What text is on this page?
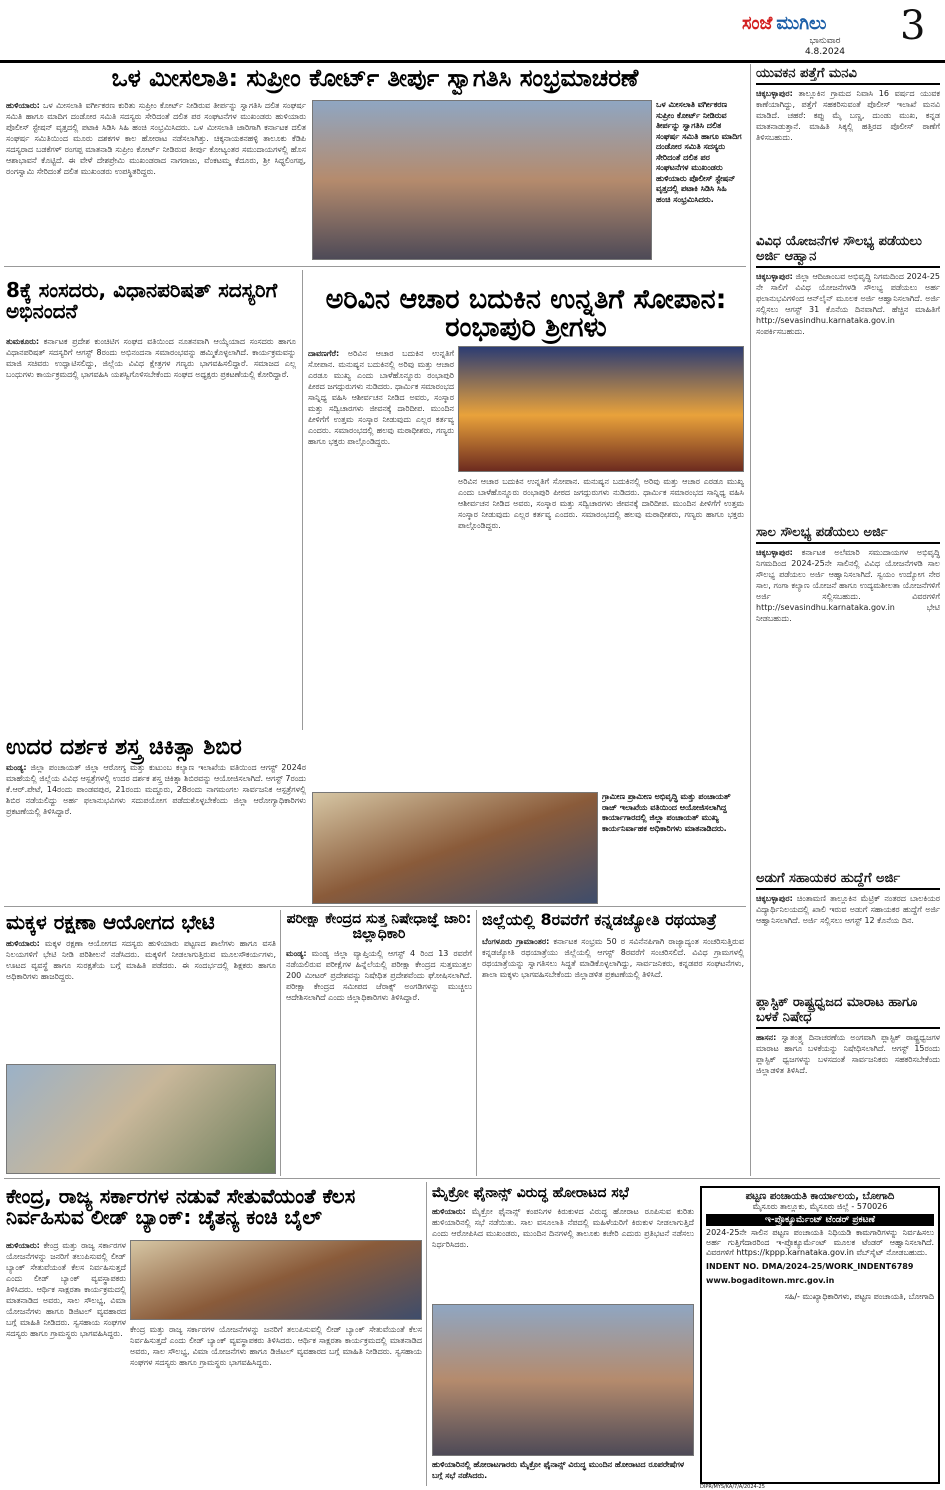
ಸಂಜೆ ಮುಗಿಲು
ಭಾನುವಾರ
4.8.2024
3
ಒಳ ಮೀಸಲಾತಿ: ಸುಪ್ರೀಂ ಕೋರ್ಟ್ ತೀರ್ಪು ಸ್ವಾಗತಿಸಿ ಸಂಭ್ರಮಾಚರಣೆ
ಹುಳಿಯಾರು: ಒಳ ಮೀಸಲಾತಿ ವರ್ಗೀಕರಣ ಕುರಿತು ಸುಪ್ರೀಂ ಕೋರ್ಟ್ ನೀಡಿರುವ ತೀರ್ಪನ್ನು ಸ್ವಾಗತಿಸಿ ದಲಿತ ಸಂಘರ್ಷ ಸಮಿತಿ ಹಾಗೂ ಮಾದಿಗ ದಂಡೋರ ಸಮಿತಿ ಸದಸ್ಯರು ಸೇರಿದಂತೆ ದಲಿತ ಪರ ಸಂಘಟನೆಗಳ ಮುಖಂಡರು ಹುಳಿಯಾರು ಪೊಲೀಸ್ ಸ್ಟೇಷನ್ ವೃತ್ತದಲ್ಲಿ ಪಟಾಕಿ ಸಿಡಿಸಿ ಸಿಹಿ ಹಂಚಿ ಸಂಭ್ರಮಿಸಿದರು. ಒಳ ಮೀಸಲಾತಿ ಜಾರಿಗಾಗಿ ಕರ್ನಾಟಕ ದಲಿತ ಸಂಘರ್ಷ ಸಮಿತಿಯಿಂದ ಮೂರು ದಶಕಗಳ ಕಾಲ ಹೋರಾಟ ನಡೆಸಲಾಗಿತ್ತು. ಚಿಕ್ಕನಾಯಕನಹಳ್ಳಿ ತಾಲೂಕು ಕೆಡಿಪಿ ಸದಸ್ಯರಾದ ಬಡಕೆಗಳ್ ರಂಗಪ್ಪ ಮಾತನಾಡಿ ಸುಪ್ರೀಂ ಕೋರ್ಟ್ ನೀಡಿರುವ ತೀರ್ಪು ಕೋಟ್ಯಂತರ ಸಮುದಾಯಗಳಲ್ಲಿ ಹೊಸ ಆಶಾಭಾವನೆ ಕೊಟ್ಟಿದೆ. ಈ ವೇಳೆ ದೇಶಪ್ರೇಮಿ ಮುಖಂಡರಾದ ನಾಗರಾಜು, ವೆಂಕಟಮ್ಮ ಕೆದೂರು, ಶ್ರೀ ಸಿಧ್ಧಲಿಂಗಪ್ಪ, ರಂಗಸ್ವಾಮಿ ಸೇರಿದಂತೆ ದಲಿತ ಮುಖಂಡರು ಉಪಸ್ಥಿತರಿದ್ದರು.
ಒಳ ಮೀಸಲಾತಿ ವರ್ಗೀಕರಣ ಸುಪ್ರೀಂ ಕೋರ್ಟ್ ನೀಡಿರುವ ತೀರ್ಪನ್ನು ಸ್ವಾಗತಿಸಿ ದಲಿತ ಸಂಘರ್ಷ ಸಮಿತಿ ಹಾಗೂ ಮಾದಿಗ ದಂಡೋರ ಸಮಿತಿ ಸದಸ್ಯರು ಸೇರಿದಂತೆ ದಲಿತ ಪರ ಸಂಘಟನೆಗಳ ಮುಖಂಡರು ಹುಳಿಯಾರು ಪೊಲೀಸ್ ಸ್ಟೇಷನ್ ವೃತ್ತದಲ್ಲಿ ಪಟಾಕಿ ಸಿಡಿಸಿ ಸಿಹಿ ಹಂಚಿ ಸಂಭ್ರಮಿಸಿದರು.
8ಕ್ಕೆ ಸಂಸದರು, ವಿಧಾನಪರಿಷತ್ ಸದಸ್ಯರಿಗೆ ಅಭಿನಂದನೆ
ತುಮಕೂರು: ಕರ್ನಾಟಕ ಪ್ರದೇಶ ಕುಂಚಿಟಿಗ ಸಂಘದ ವತಿಯಿಂದ ನೂತನವಾಗಿ ಆಯ್ಕೆಯಾದ ಸಂಸದರು ಹಾಗೂ ವಿಧಾನಪರಿಷತ್ ಸದಸ್ಯರಿಗೆ ಆಗಸ್ಟ್ 8ರಂದು ಅಭಿನಂದನಾ ಸಮಾರಂಭವನ್ನು ಹಮ್ಮಿಕೊಳ್ಳಲಾಗಿದೆ. ಕಾರ್ಯಕ್ರಮವನ್ನು ಮಾಜಿ ಸಚಿವರು ಉದ್ಘಾಟಿಸಲಿದ್ದು, ಜಿಲ್ಲೆಯ ವಿವಿಧ ಕ್ಷೇತ್ರಗಳ ಗಣ್ಯರು ಭಾಗವಹಿಸಲಿದ್ದಾರೆ. ಸಮಾಜದ ಎಲ್ಲ ಬಂಧುಗಳು ಕಾರ್ಯಕ್ರಮದಲ್ಲಿ ಭಾಗವಹಿಸಿ ಯಶಸ್ವಿಗೊಳಿಸಬೇಕೆಂದು ಸಂಘದ ಅಧ್ಯಕ್ಷರು ಪ್ರಕಟಣೆಯಲ್ಲಿ ಕೋರಿದ್ದಾರೆ.
ಅರಿವಿನ ಆಚಾರ ಬದುಕಿನ ಉನ್ನತಿಗೆ ಸೋಪಾನ: ರಂಭಾಪುರಿ ಶ್ರೀಗಳು
ದಾವಣಗೆರೆ: ಅರಿವಿನ ಆಚಾರ ಬದುಕಿನ ಉನ್ನತಿಗೆ ಸೋಪಾನ. ಮನುಷ್ಯನ ಬದುಕಿನಲ್ಲಿ ಅರಿವು ಮತ್ತು ಆಚಾರ ಎರಡೂ ಮುಖ್ಯ ಎಂದು ಬಾಳೆಹೊನ್ನೂರು ರಂಭಾಪುರಿ ಪೀಠದ ಜಗದ್ಗುರುಗಳು ನುಡಿದರು. ಧಾರ್ಮಿಕ ಸಮಾರಂಭದ ಸಾನ್ನಿಧ್ಯ ವಹಿಸಿ ಆಶೀರ್ವಚನ ನೀಡಿದ ಅವರು, ಸಂಸ್ಕಾರ ಮತ್ತು ಸದ್ವಿಚಾರಗಳು ಜೀವನಕ್ಕೆ ದಾರಿದೀಪ. ಮುಂದಿನ ಪೀಳಿಗೆಗೆ ಉತ್ತಮ ಸಂಸ್ಕಾರ ನೀಡುವುದು ಎಲ್ಲರ ಕರ್ತವ್ಯ ಎಂದರು. ಸಮಾರಂಭದಲ್ಲಿ ಹಲವು ಮಠಾಧೀಶರು, ಗಣ್ಯರು ಹಾಗೂ ಭಕ್ತರು ಪಾಲ್ಗೊಂಡಿದ್ದರು.
ಅರಿವಿನ ಆಚಾರ ಬದುಕಿನ ಉನ್ನತಿಗೆ ಸೋಪಾನ. ಮನುಷ್ಯನ ಬದುಕಿನಲ್ಲಿ ಅರಿವು ಮತ್ತು ಆಚಾರ ಎರಡೂ ಮುಖ್ಯ ಎಂದು ಬಾಳೆಹೊನ್ನೂರು ರಂಭಾಪುರಿ ಪೀಠದ ಜಗದ್ಗುರುಗಳು ನುಡಿದರು. ಧಾರ್ಮಿಕ ಸಮಾರಂಭದ ಸಾನ್ನಿಧ್ಯ ವಹಿಸಿ ಆಶೀರ್ವಚನ ನೀಡಿದ ಅವರು, ಸಂಸ್ಕಾರ ಮತ್ತು ಸದ್ವಿಚಾರಗಳು ಜೀವನಕ್ಕೆ ದಾರಿದೀಪ. ಮುಂದಿನ ಪೀಳಿಗೆಗೆ ಉತ್ತಮ ಸಂಸ್ಕಾರ ನೀಡುವುದು ಎಲ್ಲರ ಕರ್ತವ್ಯ ಎಂದರು. ಸಮಾರಂಭದಲ್ಲಿ ಹಲವು ಮಠಾಧೀಶರು, ಗಣ್ಯರು ಹಾಗೂ ಭಕ್ತರು ಪಾಲ್ಗೊಂಡಿದ್ದರು.
ಉದರ ದರ್ಶಕ ಶಸ್ತ್ರ ಚಿಕಿತ್ಸಾ ಶಿಬಿರ
ಮಂಡ್ಯ: ಜಿಲ್ಲಾ ಪಂಚಾಯತ್ ಜಿಲ್ಲಾ ಆರೋಗ್ಯ ಮತ್ತು ಕುಟುಂಬ ಕಲ್ಯಾಣ ಇಲಾಖೆಯ ವತಿಯಿಂದ ಆಗಸ್ಟ್ 2024ರ ಮಾಹೆಯಲ್ಲಿ ಜಿಲ್ಲೆಯ ವಿವಿಧ ಆಸ್ಪತ್ರೆಗಳಲ್ಲಿ ಉದರ ದರ್ಶಕ ಶಸ್ತ್ರ ಚಿಕಿತ್ಸಾ ಶಿಬಿರವನ್ನು ಆಯೋಜಿಸಲಾಗಿದೆ. ಆಗಸ್ಟ್ 7ರಂದು ಕೆ.ಆರ್.ಪೇಟೆ, 14ರಂದು ಪಾಂಡವಪುರ, 21ರಂದು ಮದ್ದೂರು, 28ರಂದು ನಾಗಮಂಗಲ ಸಾರ್ವಜನಿಕ ಆಸ್ಪತ್ರೆಗಳಲ್ಲಿ ಶಿಬಿರ ನಡೆಯಲಿದ್ದು ಅರ್ಹ ಫಲಾನುಭವಿಗಳು ಸದುಪಯೋಗ ಪಡೆದುಕೊಳ್ಳಬೇಕೆಂದು ಜಿಲ್ಲಾ ಆರೋಗ್ಯಾಧಿಕಾರಿಗಳು ಪ್ರಕಟಣೆಯಲ್ಲಿ ತಿಳಿಸಿದ್ದಾರೆ.
ಗ್ರಾಮೀಣ ಪ್ರಾಮೀಣ ಅಭಿವೃದ್ಧಿ ಮತ್ತು ಪಂಚಾಯತ್ ರಾಜ್ ಇಲಾಖೆಯ ವತಿಯಿಂದ ಆಯೋಜಿಸಲಾಗಿದ್ದ ಕಾರ್ಯಾಗಾರದಲ್ಲಿ ಜಿಲ್ಲಾ ಪಂಚಾಯತ್ ಮುಖ್ಯ ಕಾರ್ಯನಿರ್ವಾಹಕ ಅಧಿಕಾರಿಗಳು ಮಾತನಾಡಿದರು.
ಮಕ್ಕಳ ರಕ್ಷಣಾ ಆಯೋಗದ ಭೇಟಿ
ಹುಳಿಯಾರು: ಮಕ್ಕಳ ರಕ್ಷಣಾ ಆಯೋಗದ ಸದಸ್ಯರು ಹುಳಿಯಾರು ಪಟ್ಟಣದ ಶಾಲೆಗಳು ಹಾಗೂ ವಸತಿ ನಿಲಯಗಳಿಗೆ ಭೇಟಿ ನೀಡಿ ಪರಿಶೀಲನೆ ನಡೆಸಿದರು. ಮಕ್ಕಳಿಗೆ ನೀಡಲಾಗುತ್ತಿರುವ ಮೂಲಸೌಕರ್ಯಗಳು, ಊಟದ ವ್ಯವಸ್ಥೆ ಹಾಗೂ ಸುರಕ್ಷತೆಯ ಬಗ್ಗೆ ಮಾಹಿತಿ ಪಡೆದರು. ಈ ಸಂದರ್ಭದಲ್ಲಿ ಶಿಕ್ಷಕರು ಹಾಗೂ ಅಧಿಕಾರಿಗಳು ಹಾಜರಿದ್ದರು.
ಪರೀಕ್ಷಾ ಕೇಂದ್ರದ ಸುತ್ತ ನಿಷೇಧಾಜ್ಞೆ ಜಾರಿ: ಜಿಲ್ಲಾಧಿಕಾರಿ
ಮಂಡ್ಯ: ಮಂಡ್ಯ ಜಿಲ್ಲಾ ವ್ಯಾಪ್ತಿಯಲ್ಲಿ ಆಗಸ್ಟ್ 4 ರಿಂದ 13 ರವರೆಗೆ ನಡೆಯಲಿರುವ ಪರೀಕ್ಷೆಗಳ ಹಿನ್ನೆಲೆಯಲ್ಲಿ ಪರೀಕ್ಷಾ ಕೇಂದ್ರದ ಸುತ್ತಮುತ್ತಲ 200 ಮೀಟರ್ ಪ್ರದೇಶವನ್ನು ನಿಷೇಧಿತ ಪ್ರದೇಶವೆಂದು ಘೋಷಿಸಲಾಗಿದೆ. ಪರೀಕ್ಷಾ ಕೇಂದ್ರದ ಸಮೀಪದ ಜೆರಾಕ್ಸ್ ಅಂಗಡಿಗಳನ್ನು ಮುಚ್ಚಲು ಆದೇಶಿಸಲಾಗಿದೆ ಎಂದು ಜಿಲ್ಲಾಧಿಕಾರಿಗಳು ತಿಳಿಸಿದ್ದಾರೆ.
ಜಿಲ್ಲೆಯಲ್ಲಿ 8ರವರೆಗೆ ಕನ್ನಡಜ್ಯೋತಿ ರಥಯಾತ್ರೆ
ಬೆಂಗಳೂರು ಗ್ರಾಮಾಂತರ: ಕರ್ನಾಟಕ ಸಂಭ್ರಮ 50 ರ ಸವಿನೆನಪಿಗಾಗಿ ರಾಜ್ಯಾದ್ಯಂತ ಸಂಚರಿಸುತ್ತಿರುವ ಕನ್ನಡಜ್ಯೋತಿ ರಥಯಾತ್ರೆಯು ಜಿಲ್ಲೆಯಲ್ಲಿ ಆಗಸ್ಟ್ 8ರವರೆಗೆ ಸಂಚರಿಸಲಿದೆ. ವಿವಿಧ ಗ್ರಾಮಗಳಲ್ಲಿ ರಥಯಾತ್ರೆಯನ್ನು ಸ್ವಾಗತಿಸಲು ಸಿದ್ಧತೆ ಮಾಡಿಕೊಳ್ಳಲಾಗಿದ್ದು, ಸಾರ್ವಜನಿಕರು, ಕನ್ನಡಪರ ಸಂಘಟನೆಗಳು, ಶಾಲಾ ಮಕ್ಕಳು ಭಾಗವಹಿಸಬೇಕೆಂದು ಜಿಲ್ಲಾಡಳಿತ ಪ್ರಕಟಣೆಯಲ್ಲಿ ತಿಳಿಸಿದೆ.
ಕೇಂದ್ರ, ರಾಜ್ಯ ಸರ್ಕಾರಗಳ ನಡುವೆ ಸೇತುವೆಯಂತೆ ಕೆಲಸ ನಿರ್ವಹಿಸುವ ಲೀಡ್ ಬ್ಯಾಂಕ್: ಚೈತನ್ಯ ಕಂಚಿ ಬೈಲ್
ಹುಳಿಯಾರು: ಕೇಂದ್ರ ಮತ್ತು ರಾಜ್ಯ ಸರ್ಕಾರಗಳ ಯೋಜನೆಗಳನ್ನು ಜನರಿಗೆ ತಲುಪಿಸುವಲ್ಲಿ ಲೀಡ್ ಬ್ಯಾಂಕ್ ಸೇತುವೆಯಂತೆ ಕೆಲಸ ನಿರ್ವಹಿಸುತ್ತದೆ ಎಂದು ಲೀಡ್ ಬ್ಯಾಂಕ್ ವ್ಯವಸ್ಥಾಪಕರು ತಿಳಿಸಿದರು. ಆರ್ಥಿಕ ಸಾಕ್ಷರತಾ ಕಾರ್ಯಕ್ರಮದಲ್ಲಿ ಮಾತನಾಡಿದ ಅವರು, ಸಾಲ ಸೌಲಭ್ಯ, ವಿಮಾ ಯೋಜನೆಗಳು ಹಾಗೂ ಡಿಜಿಟಲ್ ವ್ಯವಹಾರದ ಬಗ್ಗೆ ಮಾಹಿತಿ ನೀಡಿದರು. ಸ್ವಸಹಾಯ ಸಂಘಗಳ ಸದಸ್ಯರು ಹಾಗೂ ಗ್ರಾಮಸ್ಥರು ಭಾಗವಹಿಸಿದ್ದರು. ಕೇಂದ್ರ ಮತ್ತು ರಾಜ್ಯ ಸರ್ಕಾರಗಳ ಯೋಜನೆಗಳನ್ನು ಜನರಿಗೆ ತಲುಪಿಸುವಲ್ಲಿ ಲೀಡ್ ಬ್ಯಾಂಕ್ ಸೇತುವೆಯಂತೆ ಕೆಲಸ ನಿರ್ವಹಿಸುತ್ತದೆ ಎಂದು ಲೀಡ್ ಬ್ಯಾಂಕ್ ವ್ಯವಸ್ಥಾಪಕರು ತಿಳಿಸಿದರು. ಆರ್ಥಿಕ ಸಾಕ್ಷರತಾ ಕಾರ್ಯಕ್ರಮದಲ್ಲಿ ಮಾತನಾಡಿದ ಅವರು, ಸಾಲ ಸೌಲಭ್ಯ, ವಿಮಾ ಯೋಜನೆಗಳು ಹಾಗೂ ಡಿಜಿಟಲ್ ವ್ಯವಹಾರದ ಬಗ್ಗೆ ಮಾಹಿತಿ ನೀಡಿದರು. ಸ್ವಸಹಾಯ ಸಂಘಗಳ ಸದಸ್ಯರು ಹಾಗೂ ಗ್ರಾಮಸ್ಥರು ಭಾಗವಹಿಸಿದ್ದರು.
ಮೈಕ್ರೋ ಫೈನಾನ್ಸ್ ವಿರುದ್ಧ ಹೋರಾಟದ ಸಭೆ
ಹುಳಿಯಾರು: ಮೈಕ್ರೋ ಫೈನಾನ್ಸ್ ಕಂಪನಿಗಳ ಕಿರುಕುಳದ ವಿರುದ್ಧ ಹೋರಾಟ ರೂಪಿಸುವ ಕುರಿತು ಹುಳಿಯಾರಿನಲ್ಲಿ ಸಭೆ ನಡೆಯಿತು. ಸಾಲ ವಸೂಲಾತಿ ನೆಪದಲ್ಲಿ ಮಹಿಳೆಯರಿಗೆ ಕಿರುಕುಳ ನೀಡಲಾಗುತ್ತಿದೆ ಎಂದು ಆರೋಪಿಸಿದ ಮುಖಂಡರು, ಮುಂದಿನ ದಿನಗಳಲ್ಲಿ ತಾಲೂಕು ಕಚೇರಿ ಎದುರು ಪ್ರತಿಭಟನೆ ನಡೆಸಲು ನಿರ್ಧರಿಸಿದರು.
ಹುಳಿಯಾರಿನಲ್ಲಿ ಹೋರಾಟಗಾರರು ಮೈಕ್ರೋ ಫೈನಾನ್ಸ್ ವಿರುದ್ಧ ಮುಂದಿನ ಹೋರಾಟದ ರೂಪರೇಷೆಗಳ ಬಗ್ಗೆ ಸಭೆ ನಡೆಸಿದರು.
ಯುವಕನ ಪತ್ತೆಗೆ ಮನವಿ
ಚಿಕ್ಕಬಳ್ಳಾಪುರ: ತಾಲ್ಲೂಕಿನ ಗ್ರಾಮದ ನಿವಾಸಿ 16 ವರ್ಷದ ಯುವಕ ಕಾಣೆಯಾಗಿದ್ದು, ಪತ್ತೆಗೆ ಸಹಕರಿಸುವಂತೆ ಪೊಲೀಸ್ ಇಲಾಖೆ ಮನವಿ ಮಾಡಿದೆ. ಚಹರೆ: ಕಪ್ಪು ಮೈ ಬಣ್ಣ, ದುಂಡು ಮುಖ, ಕನ್ನಡ ಮಾತನಾಡುತ್ತಾನೆ. ಮಾಹಿತಿ ಸಿಕ್ಕಲ್ಲಿ ಹತ್ತಿರದ ಪೊಲೀಸ್ ಠಾಣೆಗೆ ತಿಳಿಸಬಹುದು.
ವಿವಿಧ ಯೋಜನೆಗಳ ಸೌಲಭ್ಯ ಪಡೆಯಲು ಅರ್ಜಿ ಆಹ್ವಾನ
ಚಿಕ್ಕಬಳ್ಳಾಪುರ: ಜಿಲ್ಲಾ ಆದಿಜಾಂಬವ ಅಭಿವೃದ್ಧಿ ನಿಗಮದಿಂದ 2024-25 ನೇ ಸಾಲಿಗೆ ವಿವಿಧ ಯೋಜನೆಗಳಡಿ ಸೌಲಭ್ಯ ಪಡೆಯಲು ಅರ್ಹ ಫಲಾನುಭವಿಗಳಿಂದ ಆನ್‌ಲೈನ್ ಮೂಲಕ ಅರ್ಜಿ ಆಹ್ವಾನಿಸಲಾಗಿದೆ. ಅರ್ಜಿ ಸಲ್ಲಿಸಲು ಆಗಸ್ಟ್ 31 ಕೊನೆಯ ದಿನವಾಗಿದೆ. ಹೆಚ್ಚಿನ ಮಾಹಿತಿಗೆ http://sevasindhu.karnataka.gov.in ಸಂಪರ್ಕಿಸಬಹುದು.
ಸಾಲ ಸೌಲಭ್ಯ ಪಡೆಯಲು ಅರ್ಜಿ
ಚಿಕ್ಕಬಳ್ಳಾಪುರ: ಕರ್ನಾಟಕ ಅಲೆಮಾರಿ ಸಮುದಾಯಗಳ ಅಭಿವೃದ್ಧಿ ನಿಗಮದಿಂದ 2024-25ನೇ ಸಾಲಿನಲ್ಲಿ ವಿವಿಧ ಯೋಜನೆಗಳಡಿ ಸಾಲ ಸೌಲಭ್ಯ ಪಡೆಯಲು ಅರ್ಜಿ ಆಹ್ವಾನಿಸಲಾಗಿದೆ. ಸ್ವಯಂ ಉದ್ಯೋಗ ನೇರ ಸಾಲ, ಗಂಗಾ ಕಲ್ಯಾಣ ಯೋಜನೆ ಹಾಗೂ ಉದ್ಯಮಶೀಲತಾ ಯೋಜನೆಗಳಿಗೆ ಅರ್ಜಿ ಸಲ್ಲಿಸಬಹುದು. ವಿವರಗಳಿಗೆ http://sevasindhu.karnataka.gov.in ಭೇಟಿ ನೀಡಬಹುದು.
ಅಡುಗೆ ಸಹಾಯಕರ ಹುದ್ದೆಗೆ ಅರ್ಜಿ
ಚಿಕ್ಕಬಳ್ಳಾಪುರ: ಚಿಂತಾಮಣಿ ತಾಲ್ಲೂಕಿನ ಮೆಟ್ರಿಕ್ ನಂತರದ ಬಾಲಕಿಯರ ವಿದ್ಯಾರ್ಥಿನಿಲಯದಲ್ಲಿ ಖಾಲಿ ಇರುವ ಅಡುಗೆ ಸಹಾಯಕರ ಹುದ್ದೆಗೆ ಅರ್ಜಿ ಆಹ್ವಾನಿಸಲಾಗಿದೆ. ಅರ್ಜಿ ಸಲ್ಲಿಸಲು ಆಗಸ್ಟ್ 12 ಕೊನೆಯ ದಿನ.
ಪ್ಲಾಸ್ಟಿಕ್ ರಾಷ್ಟ್ರಧ್ವಜದ ಮಾರಾಟ ಹಾಗೂ ಬಳಕೆ ನಿಷೇಧ
ಹಾಸನ: ಸ್ವಾತಂತ್ರ್ಯ ದಿನಾಚರಣೆಯ ಅಂಗವಾಗಿ ಪ್ಲಾಸ್ಟಿಕ್ ರಾಷ್ಟ್ರಧ್ವಜಗಳ ಮಾರಾಟ ಹಾಗೂ ಬಳಕೆಯನ್ನು ನಿಷೇಧಿಸಲಾಗಿದೆ. ಆಗಸ್ಟ್ 15ರಂದು ಪ್ಲಾಸ್ಟಿಕ್ ಧ್ವಜಗಳನ್ನು ಬಳಸದಂತೆ ಸಾರ್ವಜನಿಕರು ಸಹಕರಿಸಬೇಕೆಂದು ಜಿಲ್ಲಾಡಳಿತ ತಿಳಿಸಿದೆ.
ಪಟ್ಟಣ ಪಂಚಾಯತಿ ಕಾರ್ಯಾಲಯ, ಬೋಗಾದಿ
ಮೈಸೂರು ತಾಲ್ಲೂಕು, ಮೈಸೂರು ಜಿಲ್ಲೆ - 570026
ಇ-ಪ್ರೊಕ್ಯೂರ್ಮೆಂಟ್ ಟೆಂಡರ್ ಪ್ರಕಟಣೆ
2024-25ನೇ ಸಾಲಿನ ಪಟ್ಟಣ ಪಂಚಾಯತಿ ನಿಧಿಯಡಿ ಕಾಮಗಾರಿಗಳನ್ನು ನಿರ್ವಹಿಸಲು ಅರ್ಹ ಗುತ್ತಿಗೆದಾರರಿಂದ ಇ-ಪ್ರೊಕ್ಯೂರ್ಮೆಂಟ್ ಮೂಲಕ ಟೆಂಡರ್ ಆಹ್ವಾನಿಸಲಾಗಿದೆ. ವಿವರಗಳಿಗೆ https://kppp.karnataka.gov.in ವೆಬ್‌ಸೈಟ್ ನೋಡಬಹುದು.
INDENT NO. DMA/2024-25/WORK_INDENT6789
www.bogaditown.mrc.gov.in
ಸಹಿ/- ಮುಖ್ಯಾಧಿಕಾರಿಗಳು, ಪಟ್ಟಣ ಪಂಚಾಯತಿ, ಬೋಗಾದಿ
DIPR/MYS/KA/7/A/2024-25
